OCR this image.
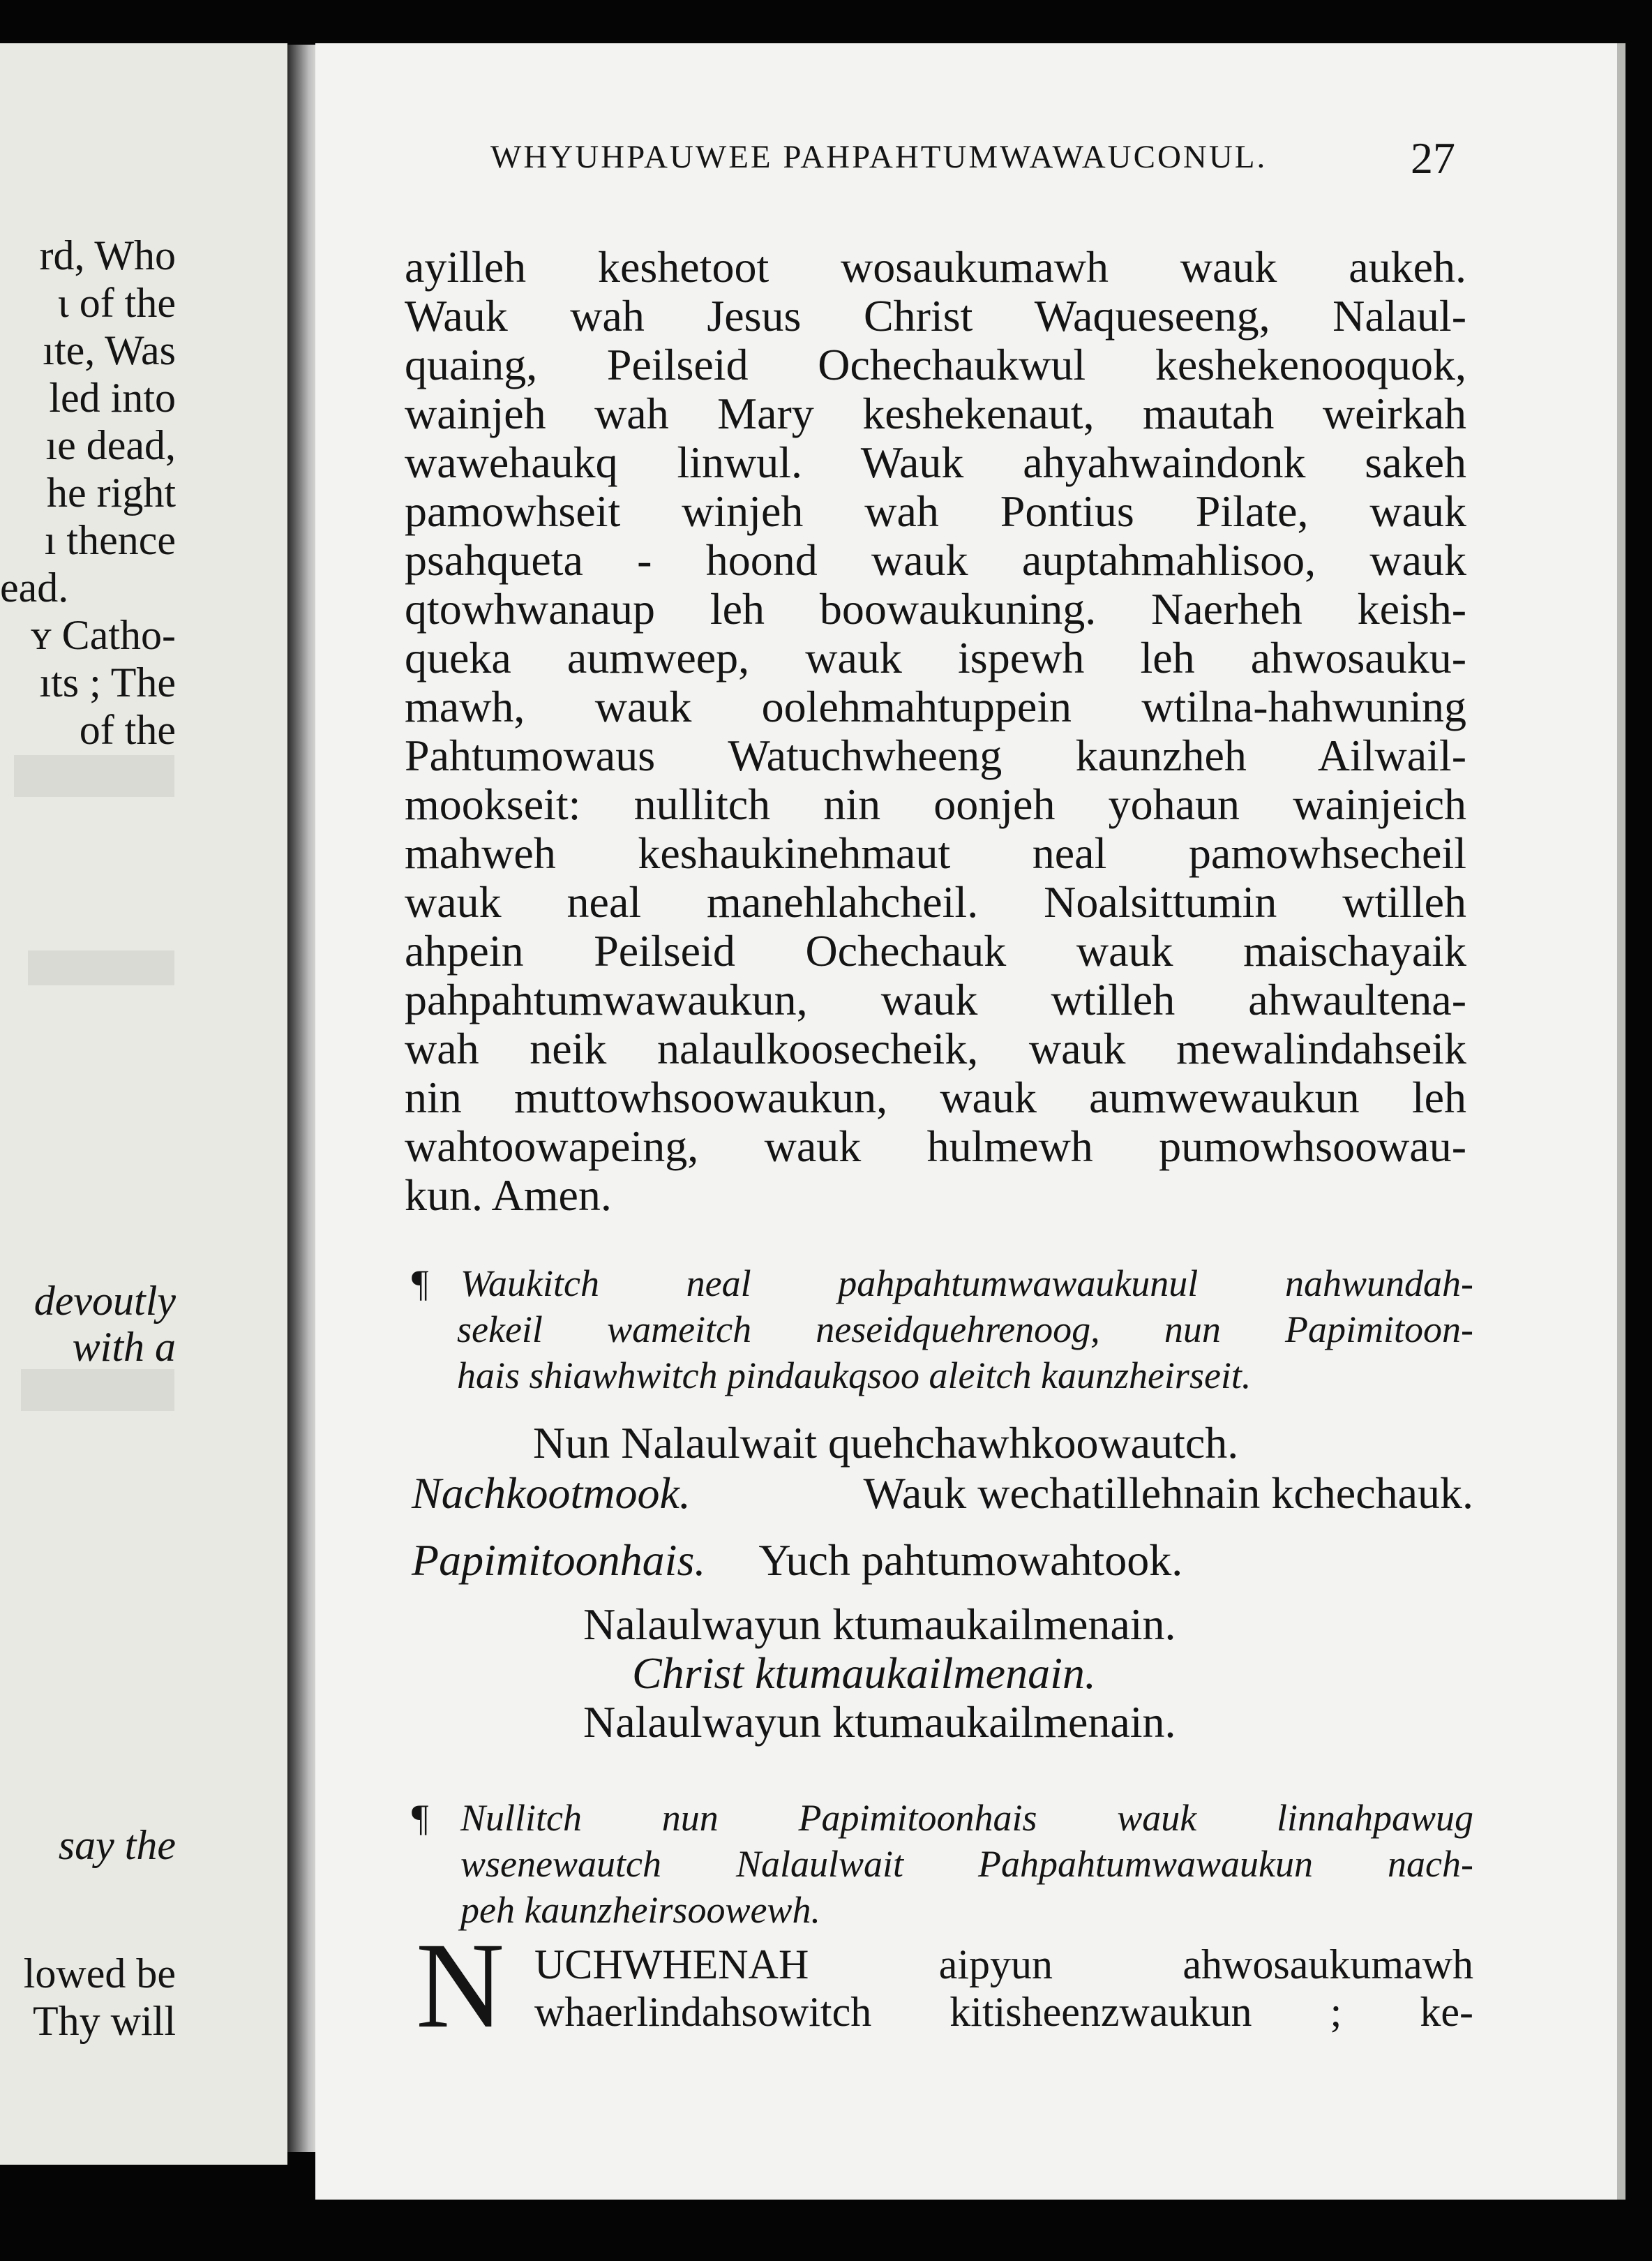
rd, Who
ι of the
ıte, Was
led into
ıe dead,
he right
ı thence
ead.
ʏ Catho-
ıts ; The
of the
devoutly
with a
say the
lowed be
Thy will
WHYUHPAUWEE PAHPAHTUMWAWAUCONUL.	27
ayilleh keshetoot wosaukumawh wauk aukeh.
Wauk wah Jesus Christ Waqueseeng, Nalaul-
quaing, Peilseid Ochechaukwul keshekenooquok,
wainjeh wah Mary keshekenaut, mautah weirkah
wawehaukq linwul. Wauk ahyahwaindonk sakeh
pamowhseit winjeh wah Pontius Pilate, wauk
psahqueta - hoond wauk auptahmahlisoo, wauk
qtowhwanaup leh boowaukuning. Naerheh keish-
queka aumweep, wauk ispewh leh ahwosauku-
mawh, wauk oolehmahtuppein wtilna-hahwuning
Pahtumowaus Watuchwheeng kaunzheh Ailwail-
mookseit: nullitch nin oonjeh yohaun wainjeich
mahweh keshaukinehmaut neal pamowhsecheil
wauk neal manehlahcheil. Noalsittumin wtilleh
ahpein Peilseid Ochechauk wauk maischayaik
pahpahtumwawaukun, wauk wtilleh ahwaultena-
wah neik nalaulkoosecheik, wauk mewalindahseik
nin muttowhsoowaukun, wauk aumwewaukun leh
wahtoowapeing, wauk hulmewh pumowhsoowau-
kun. Amen.
¶ Waukitch neal pahpahtumwawaukunul nahwundah-
sekeil wameitch neseidquehrenoog, nun Papimitoon-
hais shiawhwitch pindaukqsoo aleitch kaunzheirseit.
Nun Nalaulwait quehchawhkoowautch.
Nachkootmook.	Wauk wechatillehnain kchechauk.
Papimitoonhais. Yuch pahtumowahtook.
Nalaulwayun ktumaukailmenain.
Christ ktumaukailmenain.
Nalaulwayun ktumaukailmenain.
¶ Nullitch nun Papimitoonhais wauk linnahpawug
wsenewautch Nalaulwait Pahpahtumwawaukun nach-
peh kaunzheirsoowewh.
N UCHWHENAH aipyun ahwosaukumawh
whaerlindahsowitch kitisheenzwaukun ; ke-
